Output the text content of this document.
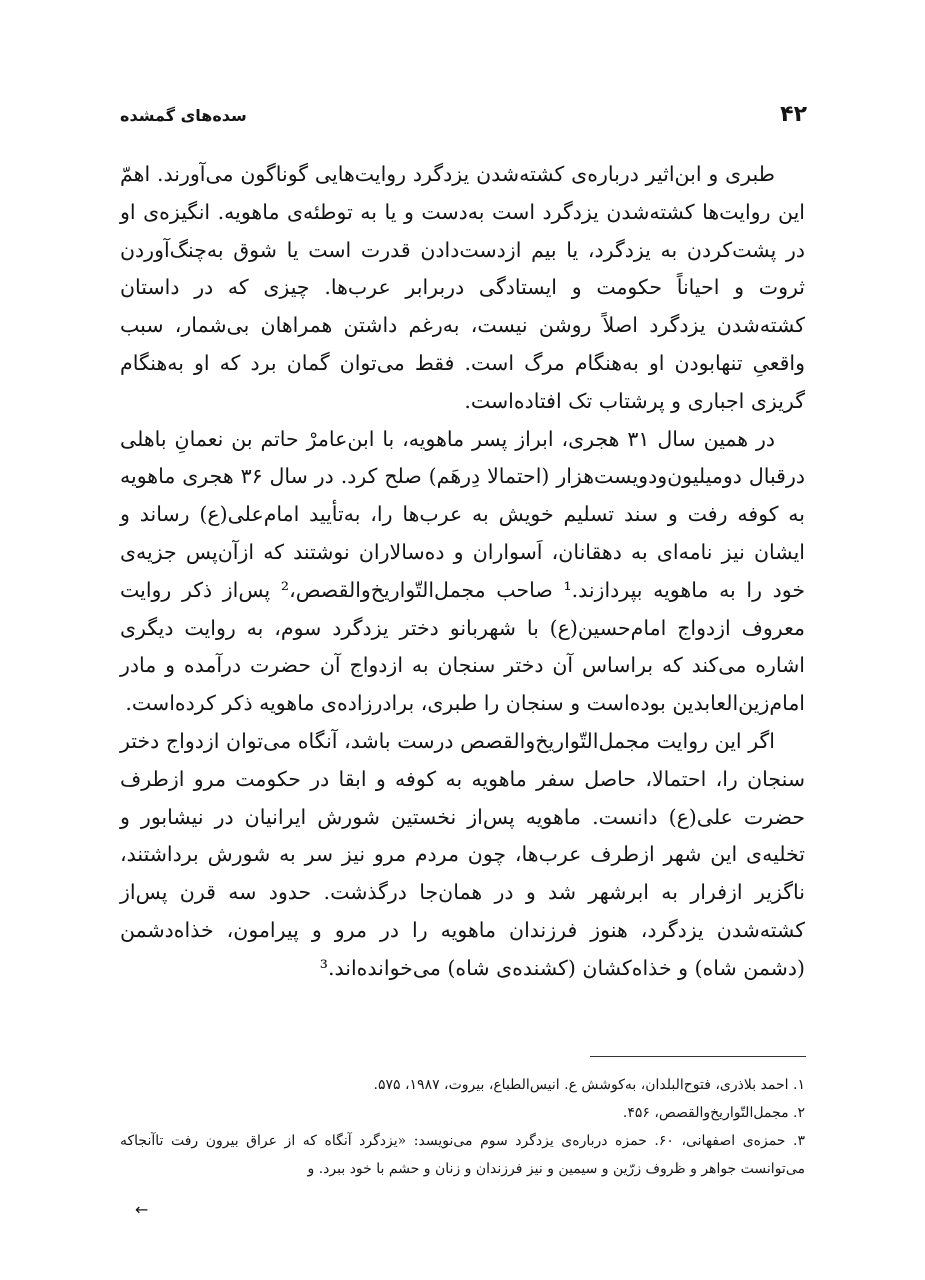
۴۲
سده‌های گمشده

طبری و ابن‌اثیر درباره‌ی کشته‌شدن یزدگرد روایت‌هایی گوناگون می‌آورند. اهمّ این روایت‌ها کشته‌شدن یزدگرد است به‌دست و یا به توطئه‌ی ماهویه. انگیزه‌ی او در پشت‌کردن به یزدگرد، یا بیم ازدست‌دادن قدرت است یا شوق به‌چنگ‌آوردن ثروت و احیاناً حکومت و ایستادگی دربرابر عرب‌ها. چیزی که در داستان کشته‌شدن یزدگرد اصلاً روشن نیست، به‌رغم داشتن همراهان بی‌شمار، سبب واقعیِ تنهابودن او به‌هنگام مرگ است. فقط می‌توان گمان برد که او به‌هنگام گریزی اجباری و پرشتاب تک افتاده‌است.

در همین سال ۳۱ هجری، ابراز پسر ماهویه، با ابن‌عامرْ حاتم بن نعمانِ باهلی درقبال دومیلیون‌ودویست‌هزار (احتمالا دِرهَم) صلح کرد. در سال ۳۶ هجری ماهویه به کوفه رفت و سند تسلیم خویش به عرب‌ها را، به‌تأیید امام‌علی(ع) رساند و ایشان نیز نامه‌ای به دهقانان، اَسواران و ده‌سالاران نوشتند که ازآن‌پس جزیه‌ی خود را به ماهویه بپردازند.¹ صاحب مجمل‌التّواریخ‌والقصص،² پس‌از ذکر روایت معروف ازدواج امام‌حسین(ع) با شهربانو دختر یزدگرد سوم، به روایت دیگری اشاره می‌کند که براساس آن دختر سنجان به ازدواج آن حضرت درآمده و مادر امام‌زین‌العابدین بوده‌است و سنجان را طبری، برادرزاده‌ی ماهویه ذکر کرده‌است.

اگر این روایت مجمل‌التّواریخ‌والقصص درست باشد، آنگاه می‌توان ازدواج دختر سنجان را، احتمالا، حاصل سفر ماهویه به کوفه و ابقا در حکومت مرو ازطرف حضرت علی(ع) دانست. ماهویه پس‌از نخستین شورش ایرانیان در نیشابور و تخلیه‌ی این شهر ازطرف عرب‌ها، چون مردم مرو نیز سر به شورش برداشتند، ناگزیر ازفرار به ابرشهر شد و در همان‌جا درگذشت. حدود سه قرن پس‌از کشته‌شدن یزدگرد، هنوز فرزندان ماهویه را در مرو و پیرامون، خذاه‌دشمن (دشمن شاه) و خذاه‌کشان (کشنده‌ی شاه) می‌خوانده‌اند.³

۱. احمد بلاذری، فتوح‌البلدان، به‌کوشش ع. انیس‌الطباع، بیروت، ۱۹۸۷، ۵۷۵.

۲. مجمل‌التّواریخ‌والقصص، ۴۵۶.

۳. حمزه‌ی اصفهانی، ۶۰. حمزه درباره‌ی یزدگرد سوم می‌نویسد: «یزدگرد آنگاه که از عراق بیرون رفت تاآنجاکه می‌توانست جواهر و ظروف زرّین و سیمین و نیز فرزندان و زنان و حشم با خود ببرد. و

←
